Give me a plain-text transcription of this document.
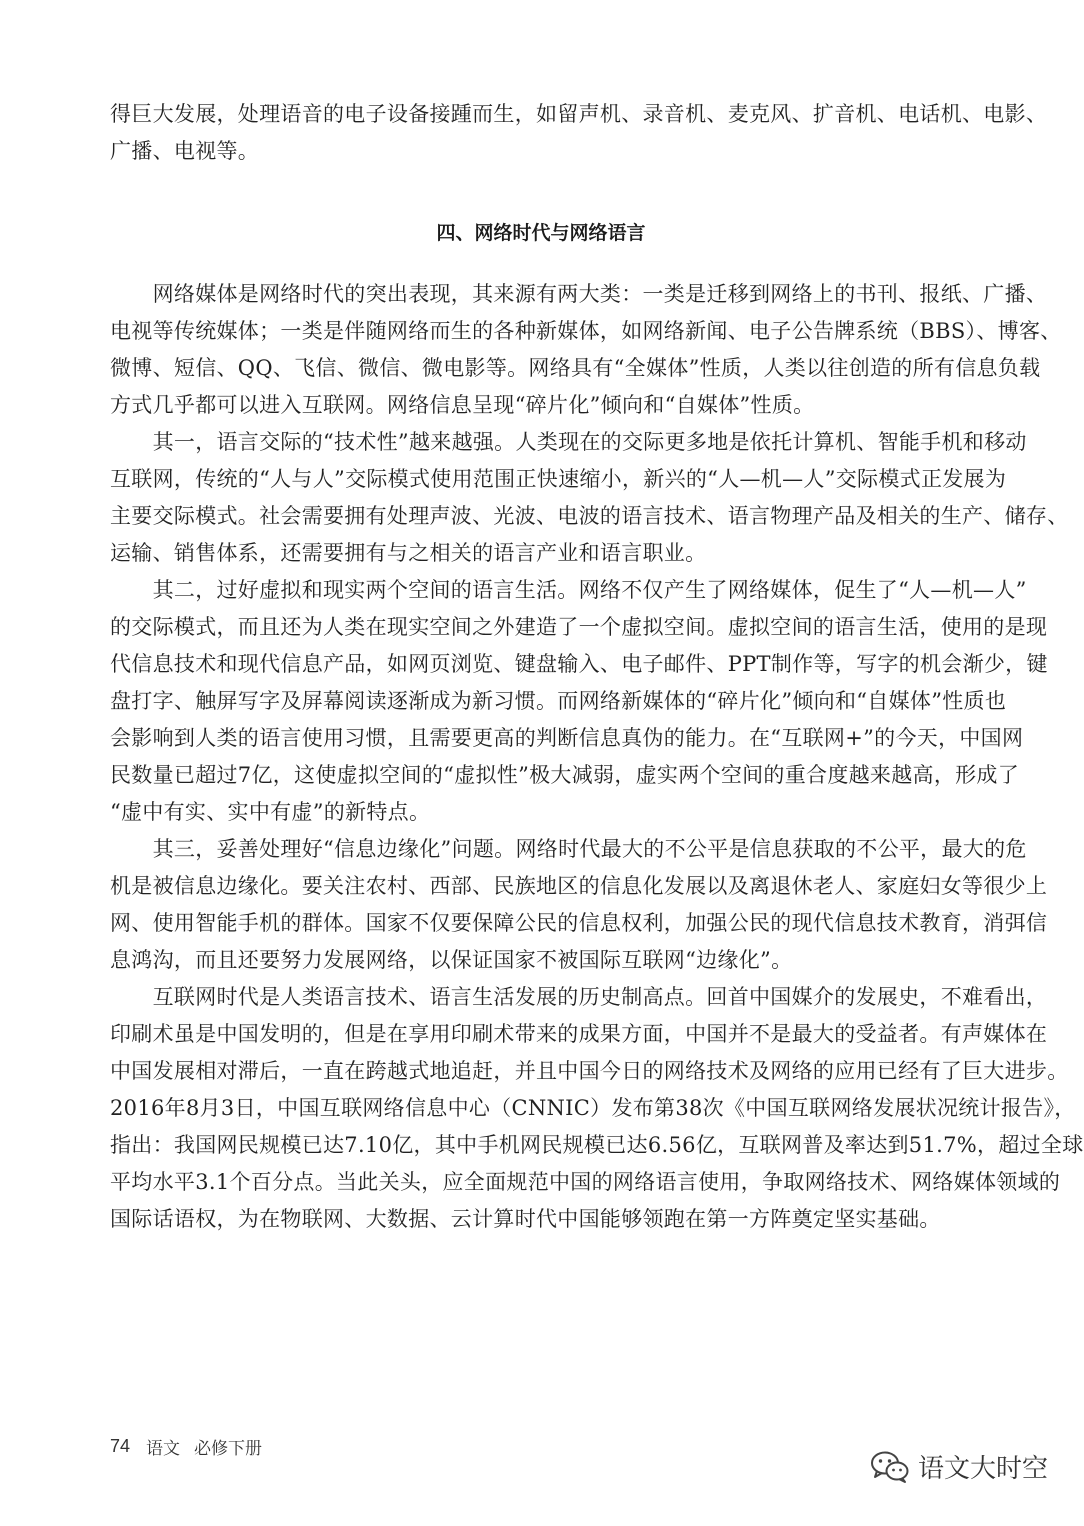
得巨大发展，处理语音的电子设备接踵而生，如留声机、录音机、麦克风、扩音机、电话机、电影、
广播、电视等。
四、网络时代与网络语言
　　网络媒体是网络时代的突出表现，其来源有两大类：一类是迁移到网络上的书刊、报纸、广播、
电视等传统媒体；一类是伴随网络而生的各种新媒体，如网络新闻、电子公告牌系统（BBS）、博客、
微博、短信、QQ、飞信、微信、微电影等。网络具有“全媒体”性质，人类以往创造的所有信息负载
方式几乎都可以进入互联网。网络信息呈现“碎片化”倾向和“自媒体”性质。
　　其一，语言交际的“技术性”越来越强。人类现在的交际更多地是依托计算机、智能手机和移动
互联网，传统的“人与人”交际模式使用范围正快速缩小，新兴的“人—机—人”交际模式正发展为
主要交际模式。社会需要拥有处理声波、光波、电波的语言技术、语言物理产品及相关的生产、储存、
运输、销售体系，还需要拥有与之相关的语言产业和语言职业。
　　其二，过好虚拟和现实两个空间的语言生活。网络不仅产生了网络媒体，促生了“人—机—人”
的交际模式，而且还为人类在现实空间之外建造了一个虚拟空间。虚拟空间的语言生活，使用的是现
代信息技术和现代信息产品，如网页浏览、键盘输入、电子邮件、PPT制作等，写字的机会渐少，键
盘打字、触屏写字及屏幕阅读逐渐成为新习惯。而网络新媒体的“碎片化”倾向和“自媒体”性质也
会影响到人类的语言使用习惯，且需要更高的判断信息真伪的能力。在“互联网+”的今天，中国网
民数量已超过7亿，这使虚拟空间的“虚拟性”极大减弱，虚实两个空间的重合度越来越高，形成了
“虚中有实、实中有虚”的新特点。
　　其三，妥善处理好“信息边缘化”问题。网络时代最大的不公平是信息获取的不公平，最大的危
机是被信息边缘化。要关注农村、西部、民族地区的信息化发展以及离退休老人、家庭妇女等很少上
网、使用智能手机的群体。国家不仅要保障公民的信息权利，加强公民的现代信息技术教育，消弭信
息鸿沟，而且还要努力发展网络，以保证国家不被国际互联网“边缘化”。
　　互联网时代是人类语言技术、语言生活发展的历史制高点。回首中国媒介的发展史，不难看出，
印刷术虽是中国发明的，但是在享用印刷术带来的成果方面，中国并不是最大的受益者。有声媒体在
中国发展相对滞后，一直在跨越式地追赶，并且中国今日的网络技术及网络的应用已经有了巨大进步。
2016年8月3日，中国互联网络信息中心（CNNIC）发布第38次《中国互联网络发展状况统计报告》，
指出：我国网民规模已达7.10亿，其中手机网民规模已达6.56亿，互联网普及率达到51.7%，超过全球
平均水平3.1个百分点。当此关头，应全面规范中国的网络语言使用，争取网络技术、网络媒体领域的
国际话语权，为在物联网、大数据、云计算时代中国能够领跑在第一方阵奠定坚实基础。
74 语文 必修下册
语文大时空
